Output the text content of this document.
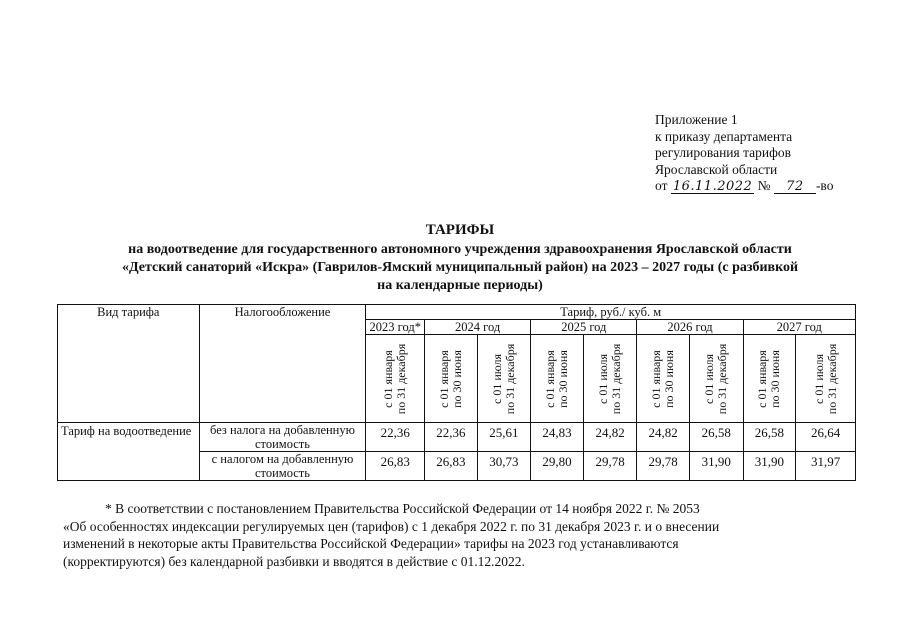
Приложение 1
к приказу департамента
регулирования тарифов
Ярославской области
от 16.11.2022 № 72 -во
ТАРИФЫ
на водоотведение для государственного автономного учреждения здравоохранения Ярославской области
«Детский санаторий «Искра» (Гаврилов-Ямский муниципальный район) на 2023 – 2027 годы (с разбивкой
на календарные периоды)
Вид тарифа	Налогообложение	Тариф, руб./ куб. м								
		2023 год*	2024 год		2025 год		2026 год		2027 год	

		с 01 января по 31 декабря	с 01 января по 30 июня	с 01 июля по 31 декабря	с 01 января по 30 июня	с 01 июля по 31 декабря	с 01 января по 30 июня	с 01 июля по 31 декабря	с 01 января по 30 июня	с 01 июля по 31 декабря

Тариф на водоотведение	без налога на добавленную стоимость	22,36	22,36	25,61	24,83	24,82	24,82	26,58	26,58	26,64
	с налогом на добавленную стоимость	26,83	26,83	30,73	29,80	29,78	29,78	31,90	31,90	31,97
* В соответствии с постановлением Правительства Российской Федерации от 14 ноября 2022 г. № 2053
«Об особенностях индексации регулируемых цен (тарифов) с 1 декабря 2022 г. по 31 декабря 2023 г. и о внесении
изменений в некоторые акты Правительства Российской Федерации» тарифы на 2023 год устанавливаются
(корректируются) без календарной разбивки и вводятся в действие с 01.12.2022.
